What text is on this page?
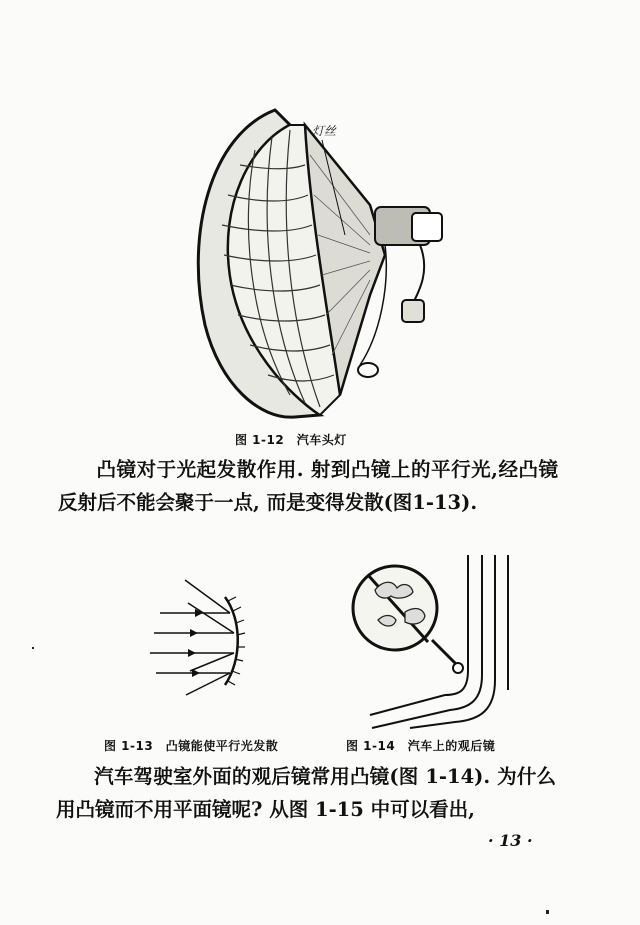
灯丝
图 1-12　汽车头灯
凸镜对于光起发散作用. 射到凸镜上的平行光,经凸镜反射后不能会聚于一点, 而是变得发散(图1-13).
图 1-13　凸镜能使平行光发散	图 1-14　汽车上的观后镜
汽车驾驶室外面的观后镜常用凸镜(图 1-14). 为什么用凸镜而不用平面镜呢? 从图 1-15 中可以看出,
· 13 ·
